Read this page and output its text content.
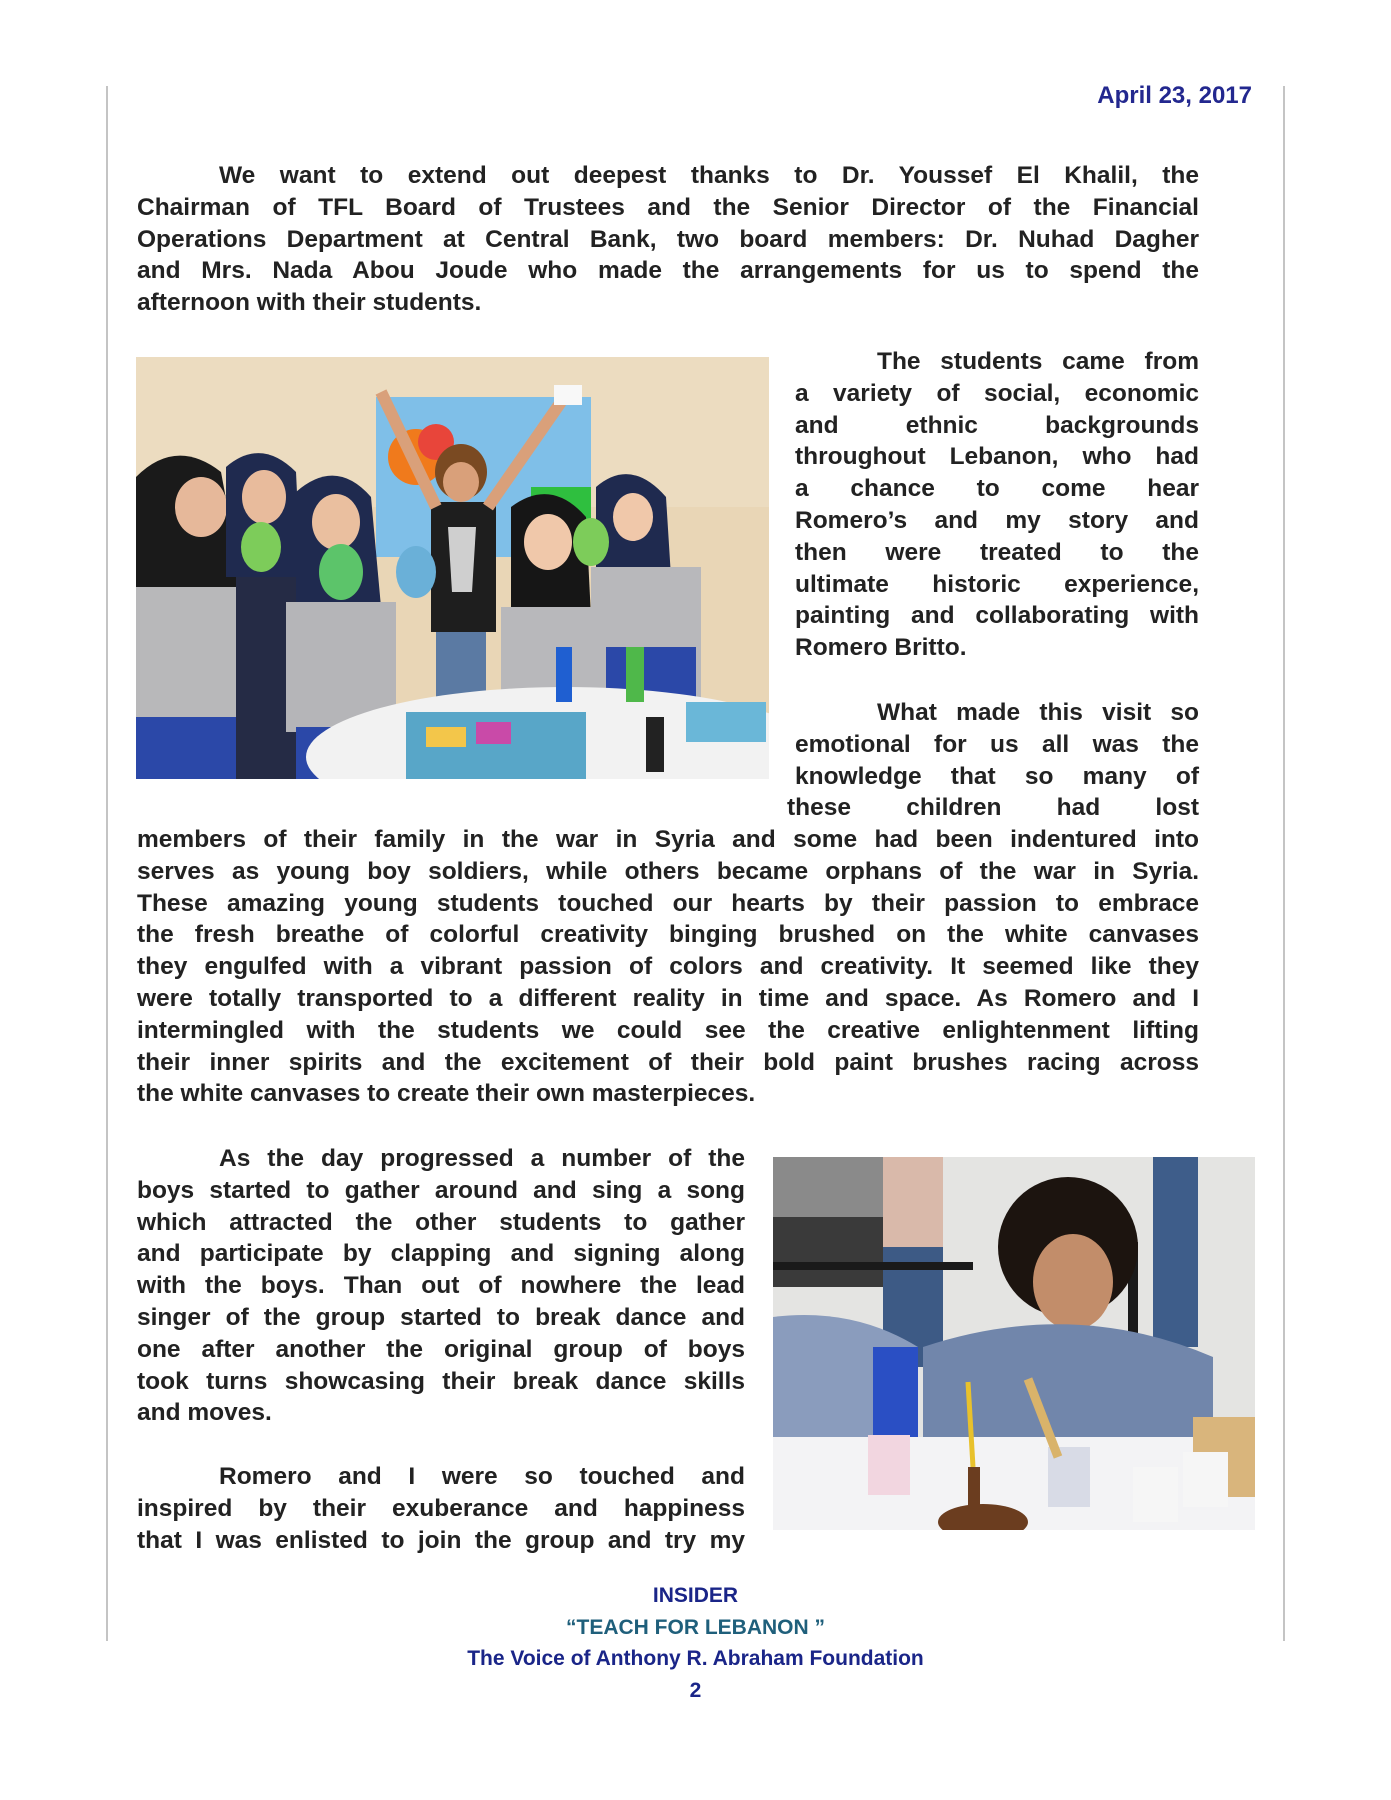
April 23, 2017
We want to extend out deepest thanks to Dr. Youssef El Khalil, the
Chairman of TFL Board of Trustees and the Senior Director of the Financial
Operations Department at Central Bank, two board members: Dr. Nuhad Dagher
and Mrs. Nada Abou Joude who made the arrangements for us to spend the
afternoon with their students.
The students came from
a variety of social, economic
and ethnic backgrounds
throughout Lebanon, who had
a chance to come hear
Romero’s and my story and
then were treated to the
ultimate historic experience,
painting and collaborating with
Romero Britto.
What made this visit so
emotional for us all was the
knowledge that so many of
these children had lost
members of their family in the war in Syria and some had been indentured into
serves as young boy soldiers, while others became orphans of the war in Syria.
These amazing young students touched our hearts by their passion to embrace
the fresh breathe of colorful creativity binging brushed on the white canvases
they engulfed with a vibrant passion of colors and creativity. It seemed like they
were totally transported to a different reality in time and space. As Romero and I
intermingled with the students we could see the creative enlightenment lifting
their inner spirits and the excitement of their bold paint brushes racing across
the white canvases to create their own masterpieces.
As the day progressed a number of the
boys started to gather around and sing a song
which attracted the other students to gather
and participate by clapping and signing along
with the boys. Than out of nowhere the lead
singer of the group started to break dance and
one after another the original group of boys
took turns showcasing their break dance skills
and moves.
Romero and I were so touched and
inspired by their exuberance and happiness
that I was enlisted to join the group and try my
INSIDER
“TEACH FOR LEBANON ”
The Voice of Anthony R. Abraham Foundation
2
